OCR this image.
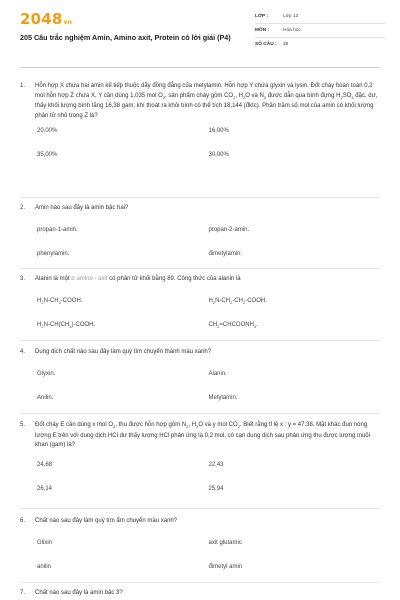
2048vn
205 Câu trắc nghiệm Amin, Amino axit, Protein có lời giải (P4)
LỚP :	Lớp 12
MÔN :	Hóa học
SỐ CÂU :	35
1.	Hỗn hợp X chứa hai amin kế tiếp thuộc dãy đồng đẳng của metylamin. Hỗn hợp Y chứa glyxin và lysin. Đốt cháy hoàn toàn 0,2 mol hỗn hợp Z chứa X, Y cần dùng 1,035 mol $O_2$, sản phẩm cháy gồm $CO_2$, $H_2O$ và $N_2$ được dẫn qua bình đựng $H_2SO_4$ đặc, dư, thấy khối lượng bình tăng 16,38 gam; khí thoát ra khỏi bình có thể tích 18,144 (đktc). Phần trăm số mol của amin có khối lượng phân tử nhỏ trong Z là?
20,00%	16,00%
35,00%	30,00%
2.	Amin nào sau đây là amin bậc hai?
propan-1-amin.	propan-2-amin.
phenylamin.	đimetylamin.
3.	Alanin là một α amino - axit có phân tử khối bằng 89. Công thức của alanin là
$H_2N-CH_2$-COOH.	$H_2N-CH_2-CH_2$-COOH.
$H_2N-CH(CH_3)$-COOH.	$CH_2=CHCOONH_4$.
4.	Dung dịch chất nào sau đây làm quỳ tím chuyển thành màu xanh?
Glyxin.	Alanin.
Anilin.	Metylamin.
5.	Đốt cháy E cần dùng x mol $O_2$, thu được hỗn hợp gồm $N_2$, $H_2O$ và y mol $CO_2$. Biết rằng tỉ lệ x : y = 47:38. Mặt khác đun nóng lượng E trên với dung dịch HCl dư thấy lượng HCl phản ứng là 0,2 mol, cô cạn dung dịch sau phản ứng thu được lượng muối khan (gam) là?
24,68	22,43
26,14	25,94
6.	Chất nào sau đây làm quỳ tím ẩm chuyển màu xanh?
Glixin	axit glutamic
anilin	đimetyl amin
7.	Chất nào sau đây là amin bậc 3?
